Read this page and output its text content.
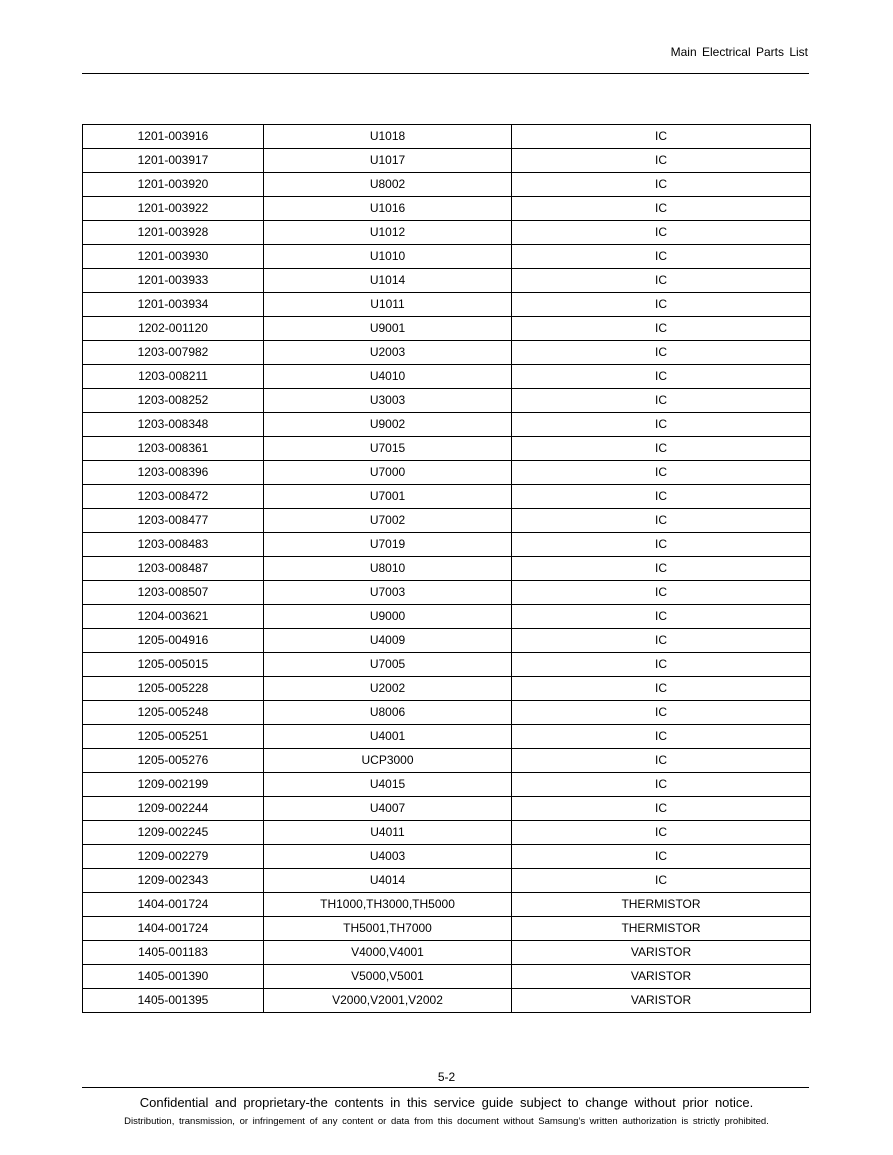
Main Electrical Parts List
1201-003916	U1018	IC
1201-003917	U1017	IC
1201-003920	U8002	IC
1201-003922	U1016	IC
1201-003928	U1012	IC
1201-003930	U1010	IC
1201-003933	U1014	IC
1201-003934	U1011	IC
1202-001120	U9001	IC
1203-007982	U2003	IC
1203-008211	U4010	IC
1203-008252	U3003	IC
1203-008348	U9002	IC
1203-008361	U7015	IC
1203-008396	U7000	IC
1203-008472	U7001	IC
1203-008477	U7002	IC
1203-008483	U7019	IC
1203-008487	U8010	IC
1203-008507	U7003	IC
1204-003621	U9000	IC
1205-004916	U4009	IC
1205-005015	U7005	IC
1205-005228	U2002	IC
1205-005248	U8006	IC
1205-005251	U4001	IC
1205-005276	UCP3000	IC
1209-002199	U4015	IC
1209-002244	U4007	IC
1209-002245	U4011	IC
1209-002279	U4003	IC
1209-002343	U4014	IC
1404-001724	TH1000,TH3000,TH5000	THERMISTOR
1404-001724	TH5001,TH7000	THERMISTOR
1405-001183	V4000,V4001	VARISTOR
1405-001390	V5000,V5001	VARISTOR
1405-001395	V2000,V2001,V2002	VARISTOR
5-2
Confidential and proprietary-the contents in this service guide subject to change without prior notice.
Distribution, transmission, or infringement of any content or data from this document without Samsung’s written authorization is strictly prohibited.
